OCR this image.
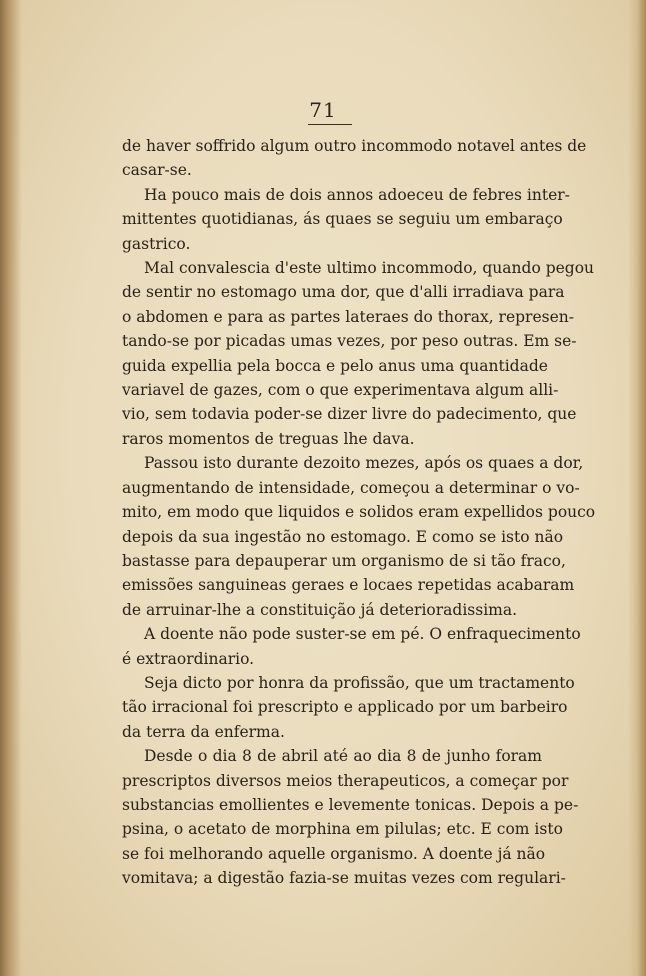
71
de haver soffrido algum outro incommodo notavel antes de
casar-se.
Ha pouco mais de dois annos adoeceu de febres inter-
mittentes quotidianas, ás quaes se seguiu um embaraço
gastrico.
Mal convalescia d'este ultimo incommodo, quando pegou
de sentir no estomago uma dor, que d'alli irradiava para
o abdomen e para as partes lateraes do thorax, represen-
tando-se por picadas umas vezes, por peso outras. Em se-
guida expellia pela bocca e pelo anus uma quantidade
variavel de gazes, com o que experimentava algum alli-
vio, sem todavia poder-se dizer livre do padecimento, que
raros momentos de treguas lhe dava.
Passou isto durante dezoito mezes, após os quaes a dor,
augmentando de intensidade, começou a determinar o vo-
mito, em modo que liquidos e solidos eram expellidos pouco
depois da sua ingestão no estomago. E como se isto não
bastasse para depauperar um organismo de si tão fraco,
emissões sanguineas geraes e locaes repetidas acabaram
de arruinar-lhe a constituição já deterioradissima.
A doente não pode suster-se em pé. O enfraquecimento
é extraordinario.
Seja dicto por honra da profissão, que um tractamento
tão irracional foi prescripto e applicado por um barbeiro
da terra da enferma.
Desde o dia 8 de abril até ao dia 8 de junho foram
prescriptos diversos meios therapeuticos, a começar por
substancias emollientes e levemente tonicas. Depois a pe-
psina, o acetato de morphina em pilulas; etc. E com isto
se foi melhorando aquelle organismo. A doente já não
vomitava; a digestão fazia-se muitas vezes com regulari-
